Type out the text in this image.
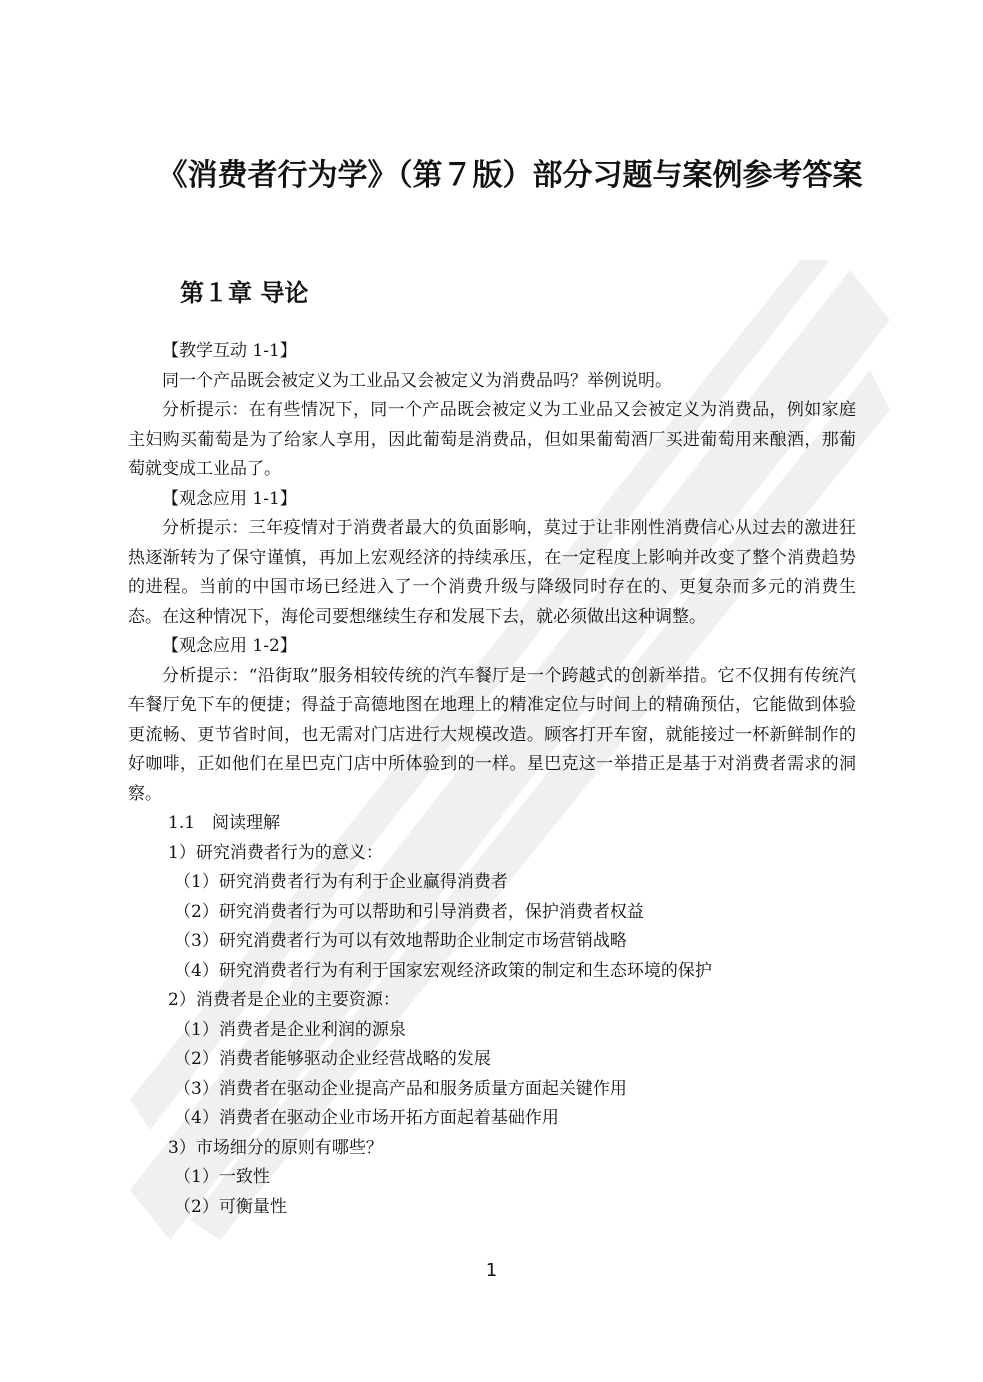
《消费者行为学》（第７版）部分习题与案例参考答案
第１章 导论

【教学互动 1-1】

同一个产品既会被定义为工业品又会被定义为消费品吗？举例说明。

分析提示：在有些情况下，同一个产品既会被定义为工业品又会被定义为消费品，例如家庭主妇购买葡萄是为了给家人享用，因此葡萄是消费品，但如果葡萄酒厂买进葡萄用来酿酒，那葡萄就变成工业品了。

【观念应用 1-1】

分析提示：三年疫情对于消费者最大的负面影响，莫过于让非刚性消费信心从过去的激进狂热逐渐转为了保守谨慎，再加上宏观经济的持续承压，在一定程度上影响并改变了整个消费趋势的进程。当前的中国市场已经进入了一个消费升级与降级同时存在的、更复杂而多元的消费生态。在这种情况下，海伦司要想继续生存和发展下去，就必须做出这种调整。

【观念应用 1-2】

分析提示：“沿街取”服务相较传统的汽车餐厅是一个跨越式的创新举措。它不仅拥有传统汽车餐厅免下车的便捷；得益于高德地图在地理上的精准定位与时间上的精确预估，它能做到体验更流畅、更节省时间，也无需对门店进行大规模改造。顾客打开车窗，就能接过一杯新鲜制作的好咖啡，正如他们在星巴克门店中所体验到的一样。星巴克这一举措正是基于对消费者需求的洞察。

1.1　阅读理解

1）研究消费者行为的意义：

（1）研究消费者行为有利于企业赢得消费者

（2）研究消费者行为可以帮助和引导消费者，保护消费者权益

（3）研究消费者行为可以有效地帮助企业制定市场营销战略

（4）研究消费者行为有利于国家宏观经济政策的制定和生态环境的保护

2）消费者是企业的主要资源：

（1）消费者是企业利润的源泉

（2）消费者能够驱动企业经营战略的发展

（3）消费者在驱动企业提高产品和服务质量方面起关键作用

（4）消费者在驱动企业市场开拓方面起着基础作用

3）市场细分的原则有哪些？

（1）一致性

（2）可衡量性

1
